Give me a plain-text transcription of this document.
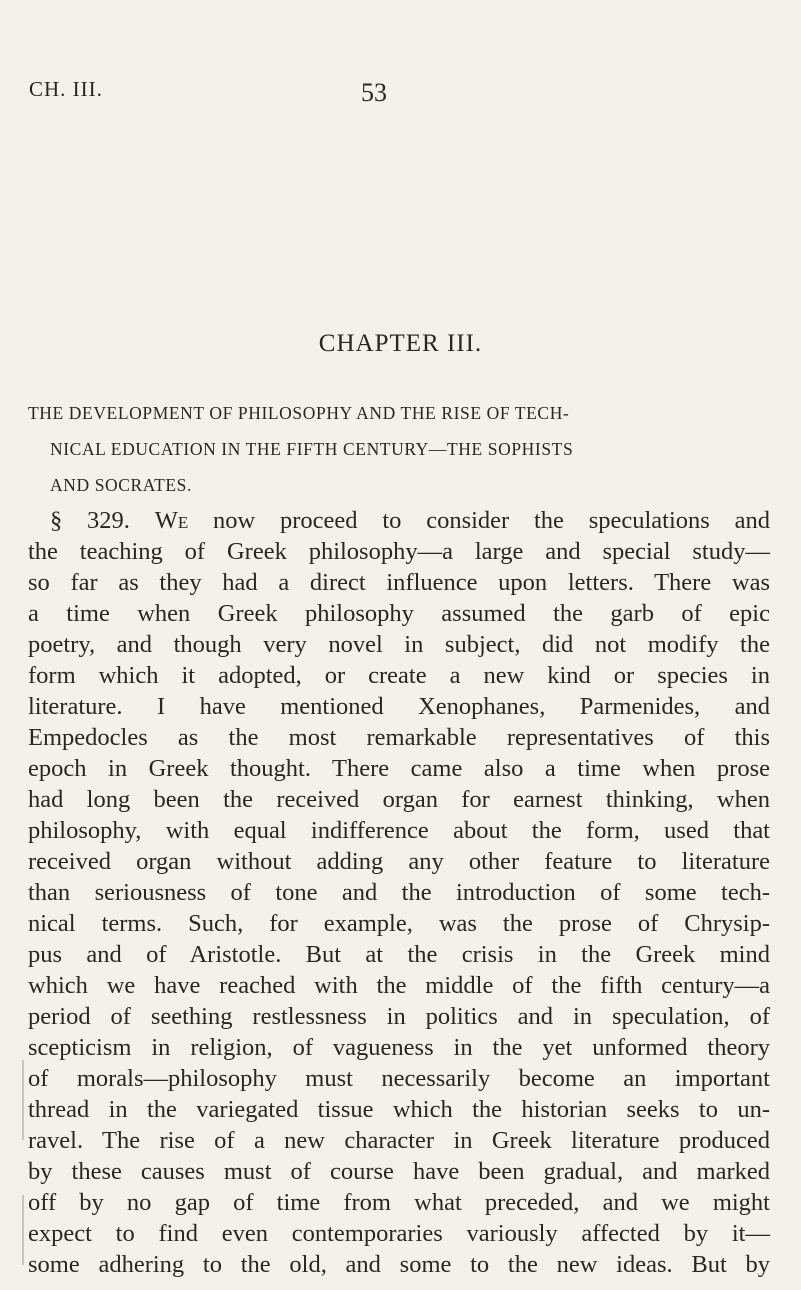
CH. III.	53
CHAPTER III.
THE DEVELOPMENT OF PHILOSOPHY AND THE RISE OF TECH-
NICAL EDUCATION IN THE FIFTH CENTURY—THE SOPHISTS
AND SOCRATES.
§ 329. We now proceed to consider the speculations and
the teaching of Greek philosophy—a large and special study—
so far as they had a direct influence upon letters. There was
a time when Greek philosophy assumed the garb of epic
poetry, and though very novel in subject, did not modify the
form which it adopted, or create a new kind or species in
literature. I have mentioned Xenophanes, Parmenides, and
Empedocles as the most remarkable representatives of this
epoch in Greek thought. There came also a time when prose
had long been the received organ for earnest thinking, when
philosophy, with equal indifference about the form, used that
received organ without adding any other feature to literature
than seriousness of tone and the introduction of some tech-
nical terms. Such, for example, was the prose of Chrysip-
pus and of Aristotle. But at the crisis in the Greek mind
which we have reached with the middle of the fifth century—a
period of seething restlessness in politics and in speculation, of
scepticism in religion, of vagueness in the yet unformed theory
of morals—philosophy must necessarily become an important
thread in the variegated tissue which the historian seeks to un-
ravel. The rise of a new character in Greek literature produced
by these causes must of course have been gradual, and marked
off by no gap of time from what preceded, and we might
expect to find even contemporaries variously affected by it—
some adhering to the old, and some to the new ideas. But by
